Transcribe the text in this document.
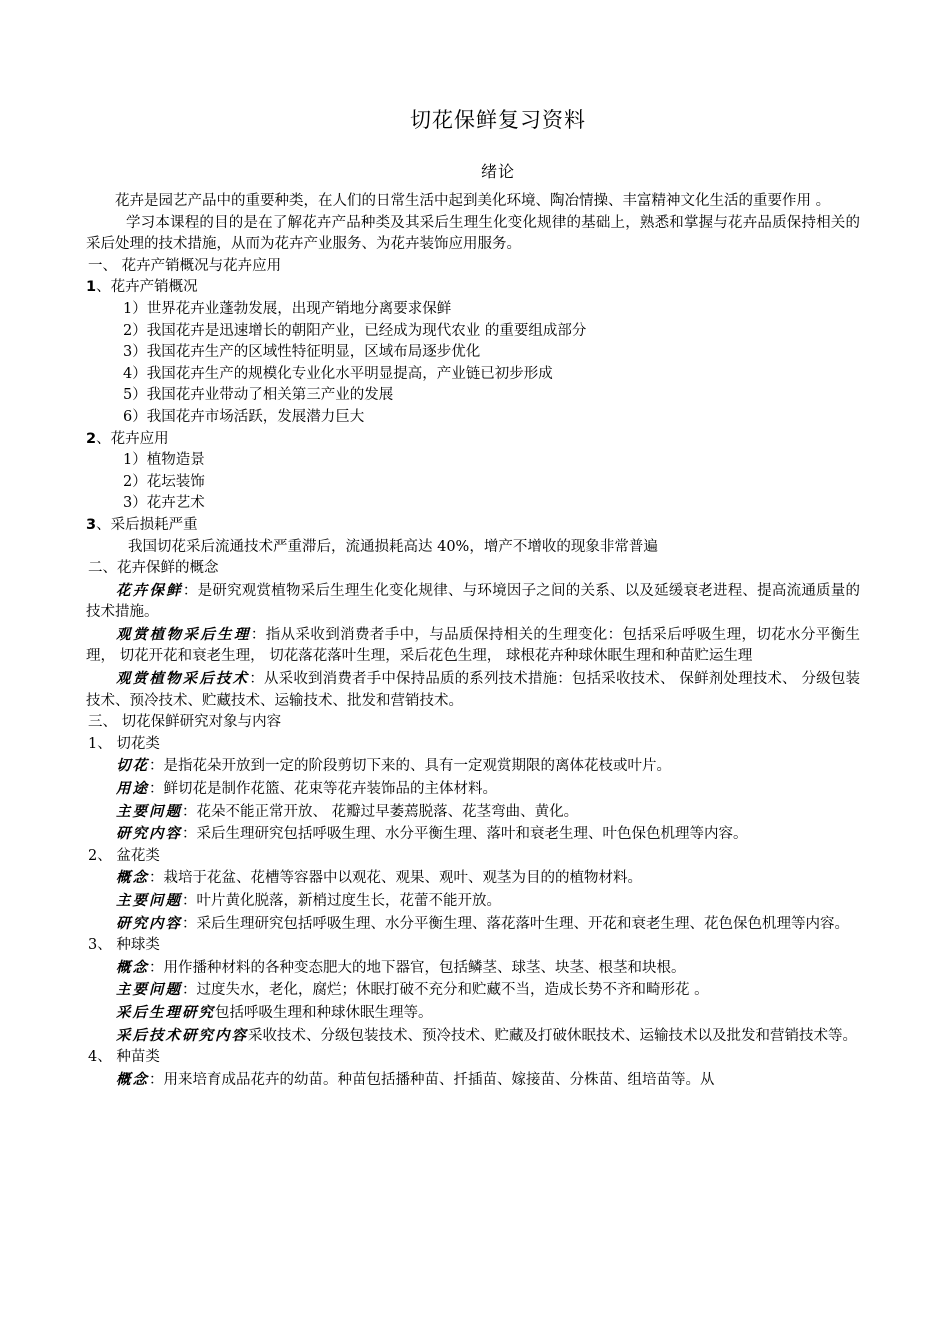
切花保鲜复习资料
绪论

花卉是园艺产品中的重要种类，在人们的日常生活中起到美化环境、陶冶情操、丰富精神文化生活的重要作用 。

学习本课程的目的是在了解花卉产品种类及其采后生理生化变化规律的基础上，熟悉和掌握与花卉品质保持相关的采后处理的技术措施，从而为花卉产业服务、为花卉装饰应用服务。

一、 花卉产销概况与花卉应用

1、花卉产销概况

1）世界花卉业蓬勃发展，出现产销地分离要求保鲜

2）我国花卉是迅速增长的朝阳产业，已经成为现代农业 的重要组成部分

3）我国花卉生产的区域性特征明显，区域布局逐步优化

4）我国花卉生产的规模化专业化水平明显提高，产业链已初步形成

5）我国花卉业带动了相关第三产业的发展

6）我国花卉市场活跃，发展潜力巨大

2、花卉应用

1）植物造景

2）花坛装饰

3）花卉艺术

3、采后损耗严重

我国切花采后流通技术严重滞后，流通损耗高达 40%，增产不增收的现象非常普遍

二、花卉保鲜的概念

花卉保鲜：是研究观赏植物采后生理生化变化规律、与环境因子之间的关系、以及延缓衰老进程、提高流通质量的技术措施。

观赏植物采后生理：指从采收到消费者手中，与品质保持相关的生理变化：包括采后呼吸生理，切花水分平衡生理， 切花开花和衰老生理， 切花落花落叶生理，采后花色生理， 球根花卉种球休眠生理和种苗贮运生理

观赏植物采后技术：从采收到消费者手中保持品质的系列技术措施：包括采收技术、 保鲜剂处理技术、 分级包装技术、预冷技术、贮藏技术、运输技术、批发和营销技术。

三、 切花保鲜研究对象与内容

1、 切花类

切花：是指花朵开放到一定的阶段剪切下来的、具有一定观赏期限的离体花枝或叶片。

用途：鲜切花是制作花篮、花束等花卉装饰品的主体材料。

主要问题：花朵不能正常开放、 花瓣过早萎蔫脱落、花茎弯曲、黄化。

研究内容：采后生理研究包括呼吸生理、水分平衡生理、落叶和衰老生理、叶色保色机理等内容。

2、 盆花类

概念：栽培于花盆、花槽等容器中以观花、观果、观叶、观茎为目的的植物材料。

主要问题：叶片黄化脱落，新梢过度生长，花蕾不能开放。

研究内容：采后生理研究包括呼吸生理、水分平衡生理、落花落叶生理、开花和衰老生理、花色保色机理等内容。

3、 种球类

概念：用作播种材料的各种变态肥大的地下器官，包括鳞茎、球茎、块茎、根茎和块根。

主要问题：过度失水，老化，腐烂；休眠打破不充分和贮藏不当，造成长势不齐和畸形花 。

采后生理研究包括呼吸生理和种球休眠生理等。

采后技术研究内容采收技术、分级包装技术、预冷技术、贮藏及打破休眠技术、运输技术以及批发和营销技术等。

4、 种苗类

概念：用来培育成品花卉的幼苗。种苗包括播种苗、扦插苗、嫁接苗、分株苗、组培苗等。从
